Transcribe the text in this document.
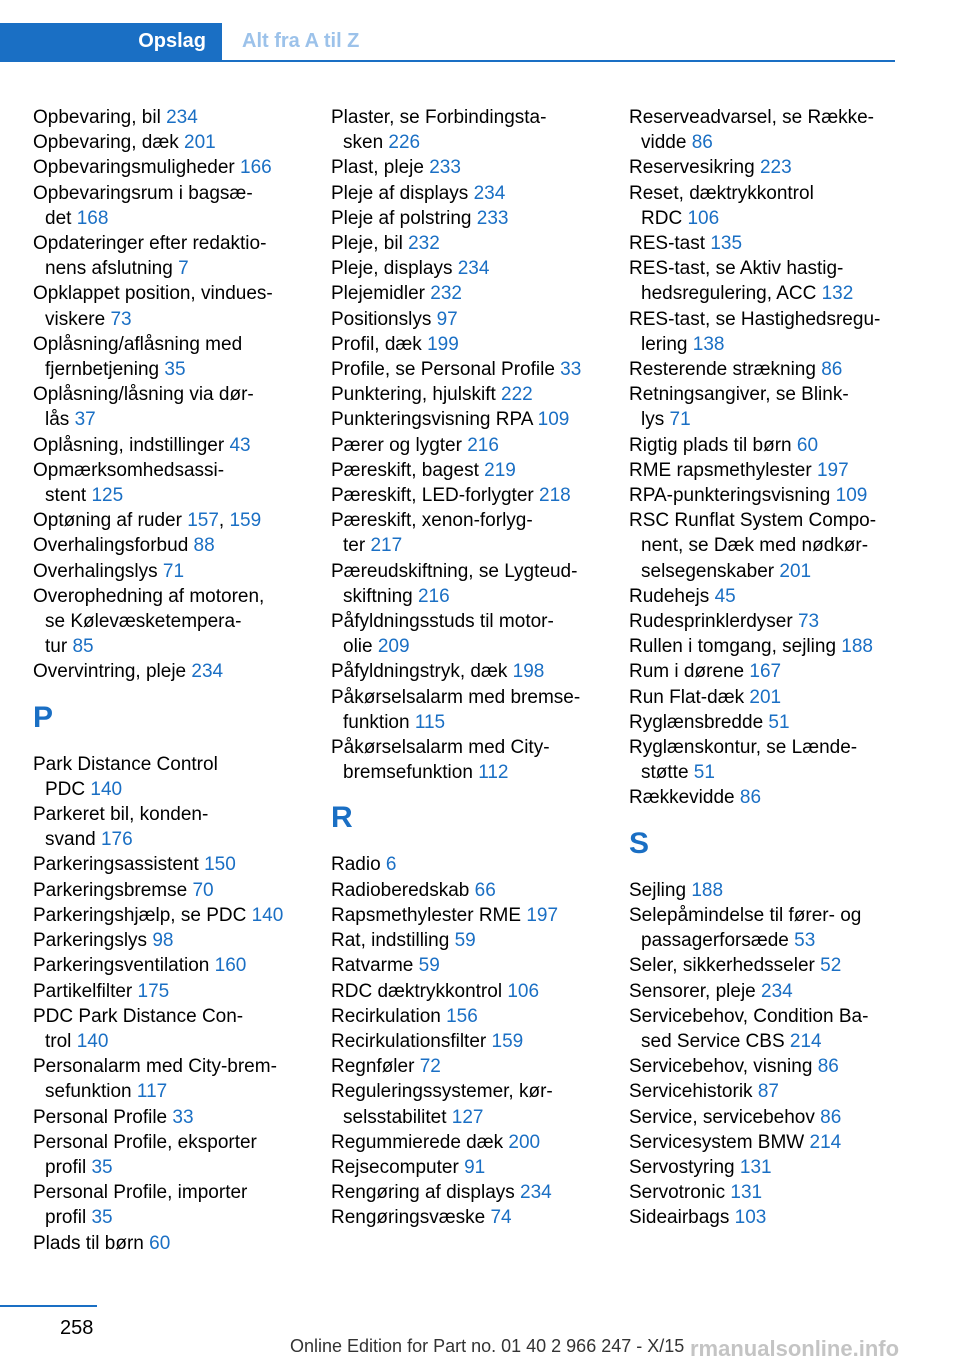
Opslag	Alt fra A til Z
Opbevaring, bil 234
Opbevaring, dæk 201
Opbevaringsmuligheder 166
Opbevaringsrum i bagsæ-
det 168
Opdateringer efter redaktio-
nens afslutning 7
Opklappet position, vindues-
viskere 73
Oplåsning/aflåsning med
fjernbetjening 35
Oplåsning/låsning via dør-
lås 37
Oplåsning, indstillinger 43
Opmærksomhedsassi-
stent 125
Optøning af ruder 157, 159
Overhalingsforbud 88
Overhalingslys 71
Overophedning af motoren,
se Kølevæsketempera-
tur 85
Overvintring, pleje 234
P
Park Distance Control
PDC 140
Parkeret bil, konden-
svand 176
Parkeringsassistent 150
Parkeringsbremse 70
Parkeringshjælp, se PDC 140
Parkeringslys 98
Parkeringsventilation 160
Partikelfilter 175
PDC Park Distance Con-
trol 140
Personalarm med City-brem-
sefunktion 117
Personal Profile 33
Personal Profile, eksporter
profil 35
Personal Profile, importer
profil 35
Plads til børn 60
Plaster, se Forbindingsta-
sken 226
Plast, pleje 233
Pleje af displays 234
Pleje af polstring 233
Pleje, bil 232
Pleje, displays 234
Plejemidler 232
Positionslys 97
Profil, dæk 199
Profile, se Personal Profile 33
Punktering, hjulskift 222
Punkteringsvisning RPA 109
Pærer og lygter 216
Pæreskift, bagest 219
Pæreskift, LED-forlygter 218
Pæreskift, xenon-forlyg-
ter 217
Pæreudskiftning, se Lygteud-
skiftning 216
Påfyldningsstuds til motor-
olie 209
Påfyldningstryk, dæk 198
Påkørselsalarm med bremse-
funktion 115
Påkørselsalarm med City-
bremsefunktion 112
R
Radio 6
Radioberedskab 66
Rapsmethylester RME 197
Rat, indstilling 59
Ratvarme 59
RDC dæktrykkontrol 106
Recirkulation 156
Recirkulationsfilter 159
Regnføler 72
Reguleringssystemer, kør-
selsstabilitet 127
Regummierede dæk 200
Rejsecomputer 91
Rengøring af displays 234
Rengøringsvæske 74
Reserveadvarsel, se Række-
vidde 86
Reservesikring 223
Reset, dæktrykkontrol
RDC 106
RES-tast 135
RES-tast, se Aktiv hastig-
hedsregulering, ACC 132
RES-tast, se Hastighedsregu-
lering 138
Resterende strækning 86
Retningsangiver, se Blink-
lys 71
Rigtig plads til børn 60
RME rapsmethylester 197
RPA-punkteringsvisning 109
RSC Runflat System Compo-
nent, se Dæk med nødkør-
selsegenskaber 201
Rudehejs 45
Rudesprinklerdyser 73
Rullen i tomgang, sejling 188
Rum i dørene 167
Run Flat-dæk 201
Ryglænsbredde 51
Ryglænskontur, se Lænde-
støtte 51
Rækkevidde 86
S
Sejling 188
Selepåmindelse til fører- og
passagerforsæde 53
Seler, sikkerhedsseler 52
Sensorer, pleje 234
Servicebehov, Condition Ba-
sed Service CBS 214
Servicebehov, visning 86
Servicehistorik 87
Service, servicebehov 86
Servicesystem BMW 214
Servostyring 131
Servotronic 131
Sideairbags 103
258
Online Edition for Part no. 01 40 2 966 247 - X/15 rmanualsonline.info
